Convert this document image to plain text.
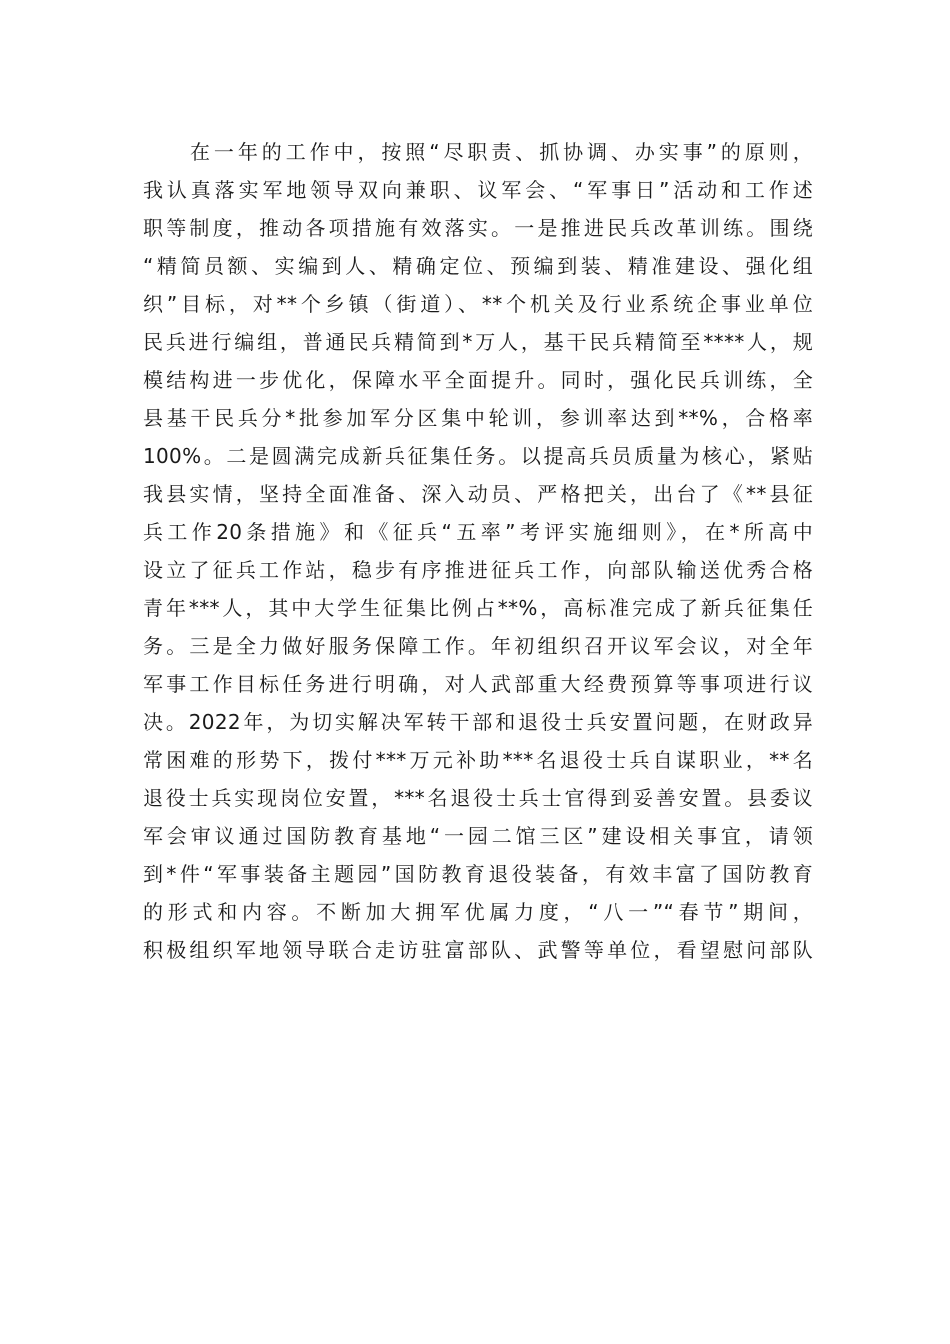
在一年的工作中，按照“尽职责、抓协调、办实事”的原则，
我认真落实军地领导双向兼职、议军会、“军事日”活动和工作述
职等制度，推动各项措施有效落实。一是推进民兵改革训练。围绕
“精简员额、实编到人、精确定位、预编到装、精准建设、强化组
织”目标，对**个乡镇（街道）、**个机关及行业系统企事业单位
民兵进行编组，普通民兵精简到*万人，基干民兵精简至****人，规
模结构进一步优化，保障水平全面提升。同时，强化民兵训练，全
县基干民兵分*批参加军分区集中轮训，参训率达到**%，合格率
100%。二是圆满完成新兵征集任务。以提高兵员质量为核心，紧贴
我县实情，坚持全面准备、深入动员、严格把关，出台了《**县征
兵工作20条措施》和《征兵“五率”考评实施细则》，在*所高中
设立了征兵工作站，稳步有序推进征兵工作，向部队输送优秀合格
青年***人，其中大学生征集比例占**%，高标准完成了新兵征集任
务。三是全力做好服务保障工作。年初组织召开议军会议，对全年
军事工作目标任务进行明确，对人武部重大经费预算等事项进行议
决。2022年，为切实解决军转干部和退役士兵安置问题，在财政异
常困难的形势下，拨付***万元补助***名退役士兵自谋职业，**名
退役士兵实现岗位安置，***名退役士兵士官得到妥善安置。县委议
军会审议通过国防教育基地“一园二馆三区”建设相关事宜，请领
到*件“军事装备主题园”国防教育退役装备，有效丰富了国防教育
的形式和内容。不断加大拥军优属力度，“八一”“春节”期间，
积极组织军地领导联合走访驻富部队、武警等单位，看望慰问部队
